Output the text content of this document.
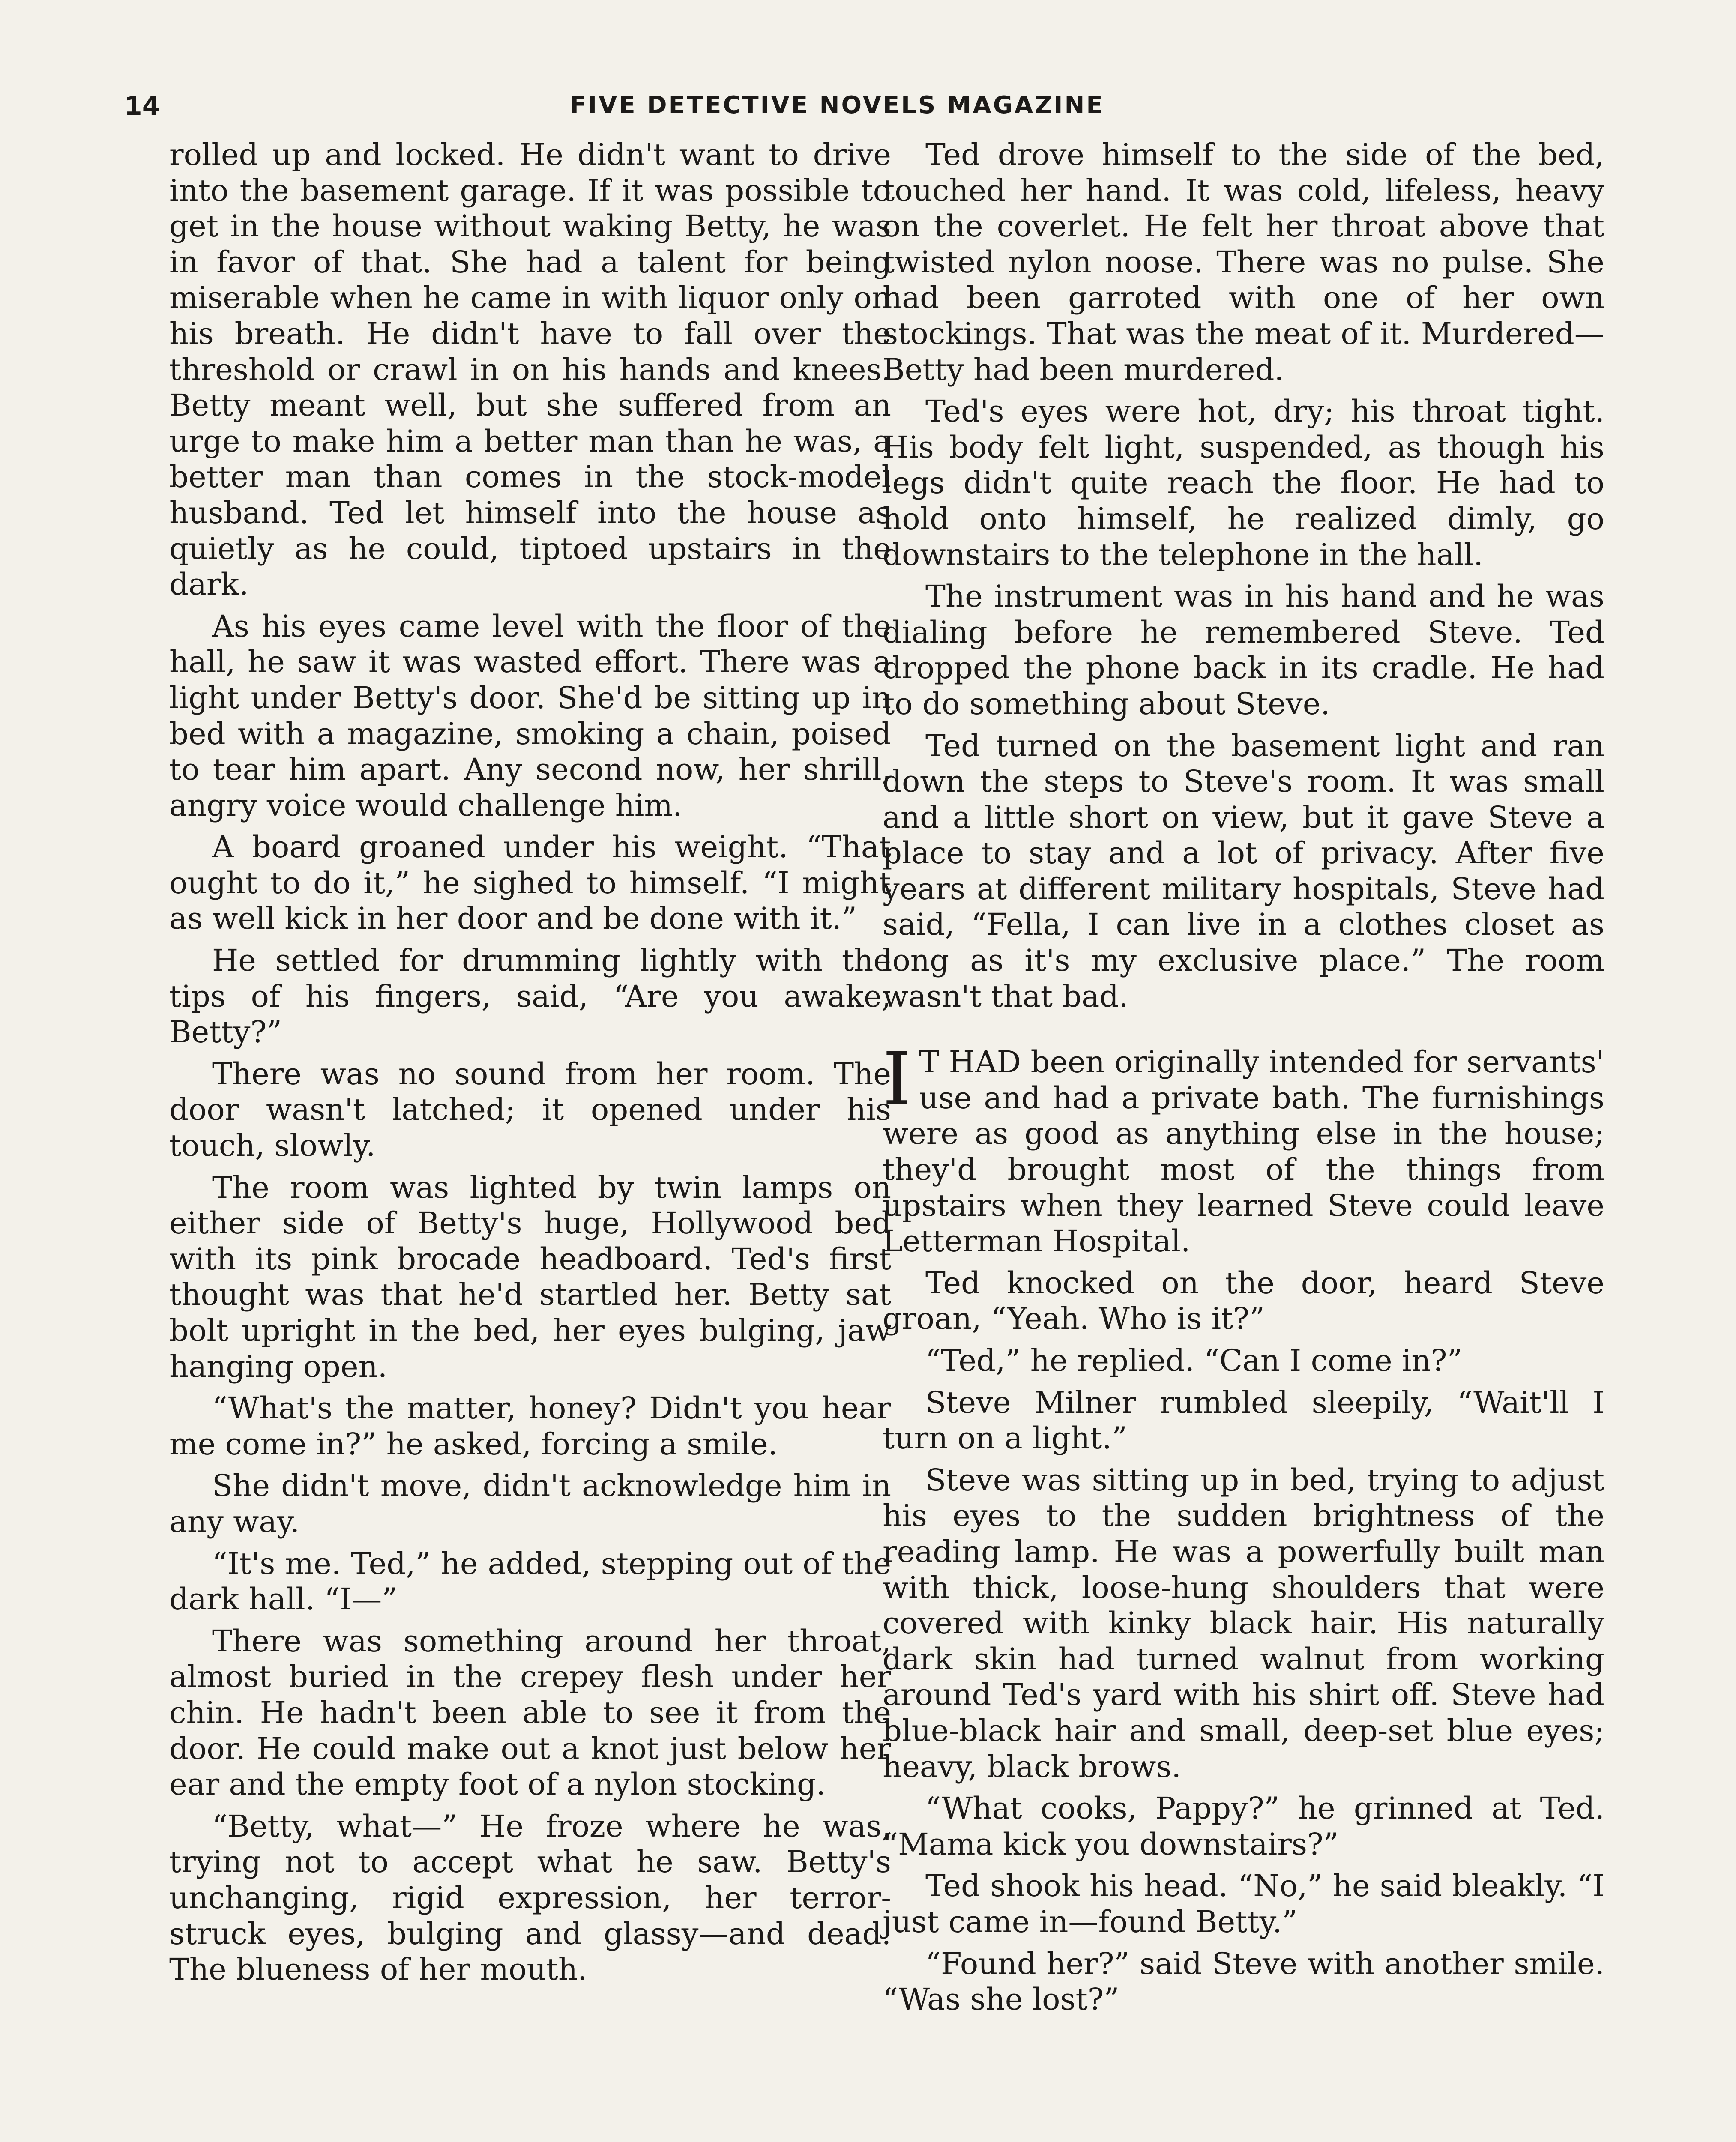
14	FIVE DETECTIVE NOVELS MAGAZINE

rolled up and locked. He didn't want to drive into the basement garage. If it was possible to get in the house without waking Betty, he was in favor of that. She had a talent for being miserable when he came in with liquor only on his breath. He didn't have to fall over the threshold or crawl in on his hands and knees. Betty meant well, but she suffered from an urge to make him a better man than he was, a better man than comes in the stock-model husband. Ted let himself into the house as quietly as he could, tiptoed upstairs in the dark.

As his eyes came level with the floor of the hall, he saw it was wasted effort. There was a light under Betty's door. She'd be sitting up in bed with a magazine, smoking a chain, poised to tear him apart. Any second now, her shrill, angry voice would challenge him.

A board groaned under his weight. “That ought to do it,” he sighed to himself. “I might as well kick in her door and be done with it.”

He settled for drumming lightly with the tips of his fingers, said, “Are you awake, Betty?”

There was no sound from her room. The door wasn't latched; it opened under his touch, slowly.

The room was lighted by twin lamps on either side of Betty's huge, Hollywood bed with its pink brocade headboard. Ted's first thought was that he'd startled her. Betty sat bolt upright in the bed, her eyes bulging, jaw hanging open.

“What's the matter, honey? Didn't you hear me come in?” he asked, forcing a smile.

She didn't move, didn't acknowledge him in any way.

“It's me. Ted,” he added, stepping out of the dark hall. “I—”

There was something around her throat, almost buried in the crepey flesh under her chin. He hadn't been able to see it from the door. He could make out a knot just below her ear and the empty foot of a nylon stocking.

“Betty, what—” He froze where he was, trying not to accept what he saw. Betty's unchanging, rigid expression, her terror-struck eyes, bulging and glassy—and dead. The blueness of her mouth.

Ted drove himself to the side of the bed, touched her hand. It was cold, lifeless, heavy on the coverlet. He felt her throat above that twisted nylon noose. There was no pulse. She had been garroted with one of her own stockings. That was the meat of it. Murdered—Betty had been murdered.

Ted's eyes were hot, dry; his throat tight. His body felt light, suspended, as though his legs didn't quite reach the floor. He had to hold onto himself, he realized dimly, go downstairs to the telephone in the hall.

The instrument was in his hand and he was dialing before he remembered Steve. Ted dropped the phone back in its cradle. He had to do something about Steve.

Ted turned on the basement light and ran down the steps to Steve's room. It was small and a little short on view, but it gave Steve a place to stay and a lot of privacy. After five years at different military hospitals, Steve had said, “Fella, I can live in a clothes closet as long as it's my exclusive place.” The room wasn't that bad.

I T HAD been originally intended for servants' use and had a private bath. The furnishings were as good as anything else in the house; they'd brought most of the things from upstairs when they learned Steve could leave Letterman Hospital.

Ted knocked on the door, heard Steve groan, “Yeah. Who is it?”

“Ted,” he replied. “Can I come in?”

Steve Milner rumbled sleepily, “Wait'll I turn on a light.”

Steve was sitting up in bed, trying to adjust his eyes to the sudden brightness of the reading lamp. He was a powerfully built man with thick, loose-hung shoulders that were covered with kinky black hair. His naturally dark skin had turned walnut from working around Ted's yard with his shirt off. Steve had blue-black hair and small, deep-set blue eyes; heavy, black brows.

“What cooks, Pappy?” he grinned at Ted. “Mama kick you downstairs?”

Ted shook his head. “No,” he said bleakly. “I just came in—found Betty.”

“Found her?” said Steve with another smile. “Was she lost?”
